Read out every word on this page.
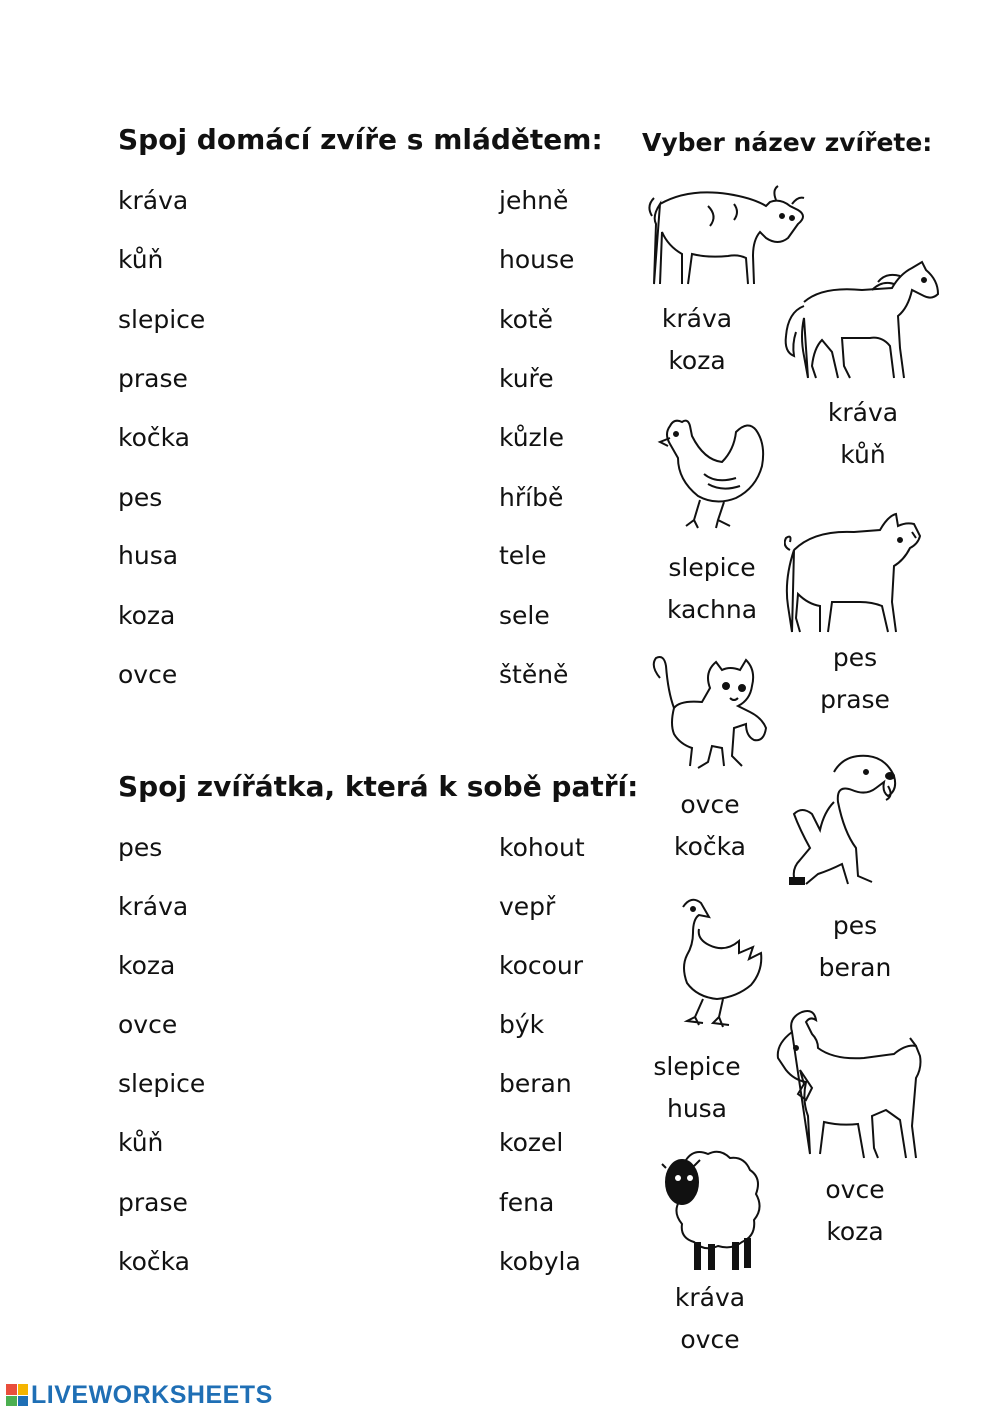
Spoj domácí zvíře s mládětem:
kráva
kůň
slepice
prase
kočka
pes
husa
koza
ovce
jehně
house
kotě
kuře
kůzle
hříbě
tele
sele
štěně
Spoj zvířátka, která k sobě patří:
pes
kráva
koza
ovce
slepice
kůň
prase
kočka
kohout
vepř
kocour
býk
beran
kozel
fena
kobyla
Vyber název zvířete:
kráva
koza
kráva
kůň
slepice
kachna
pes
prase
ovce
kočka
pes
beran
slepice
husa
ovce
koza
kráva
ovce
LIVEWORKSHEETS
